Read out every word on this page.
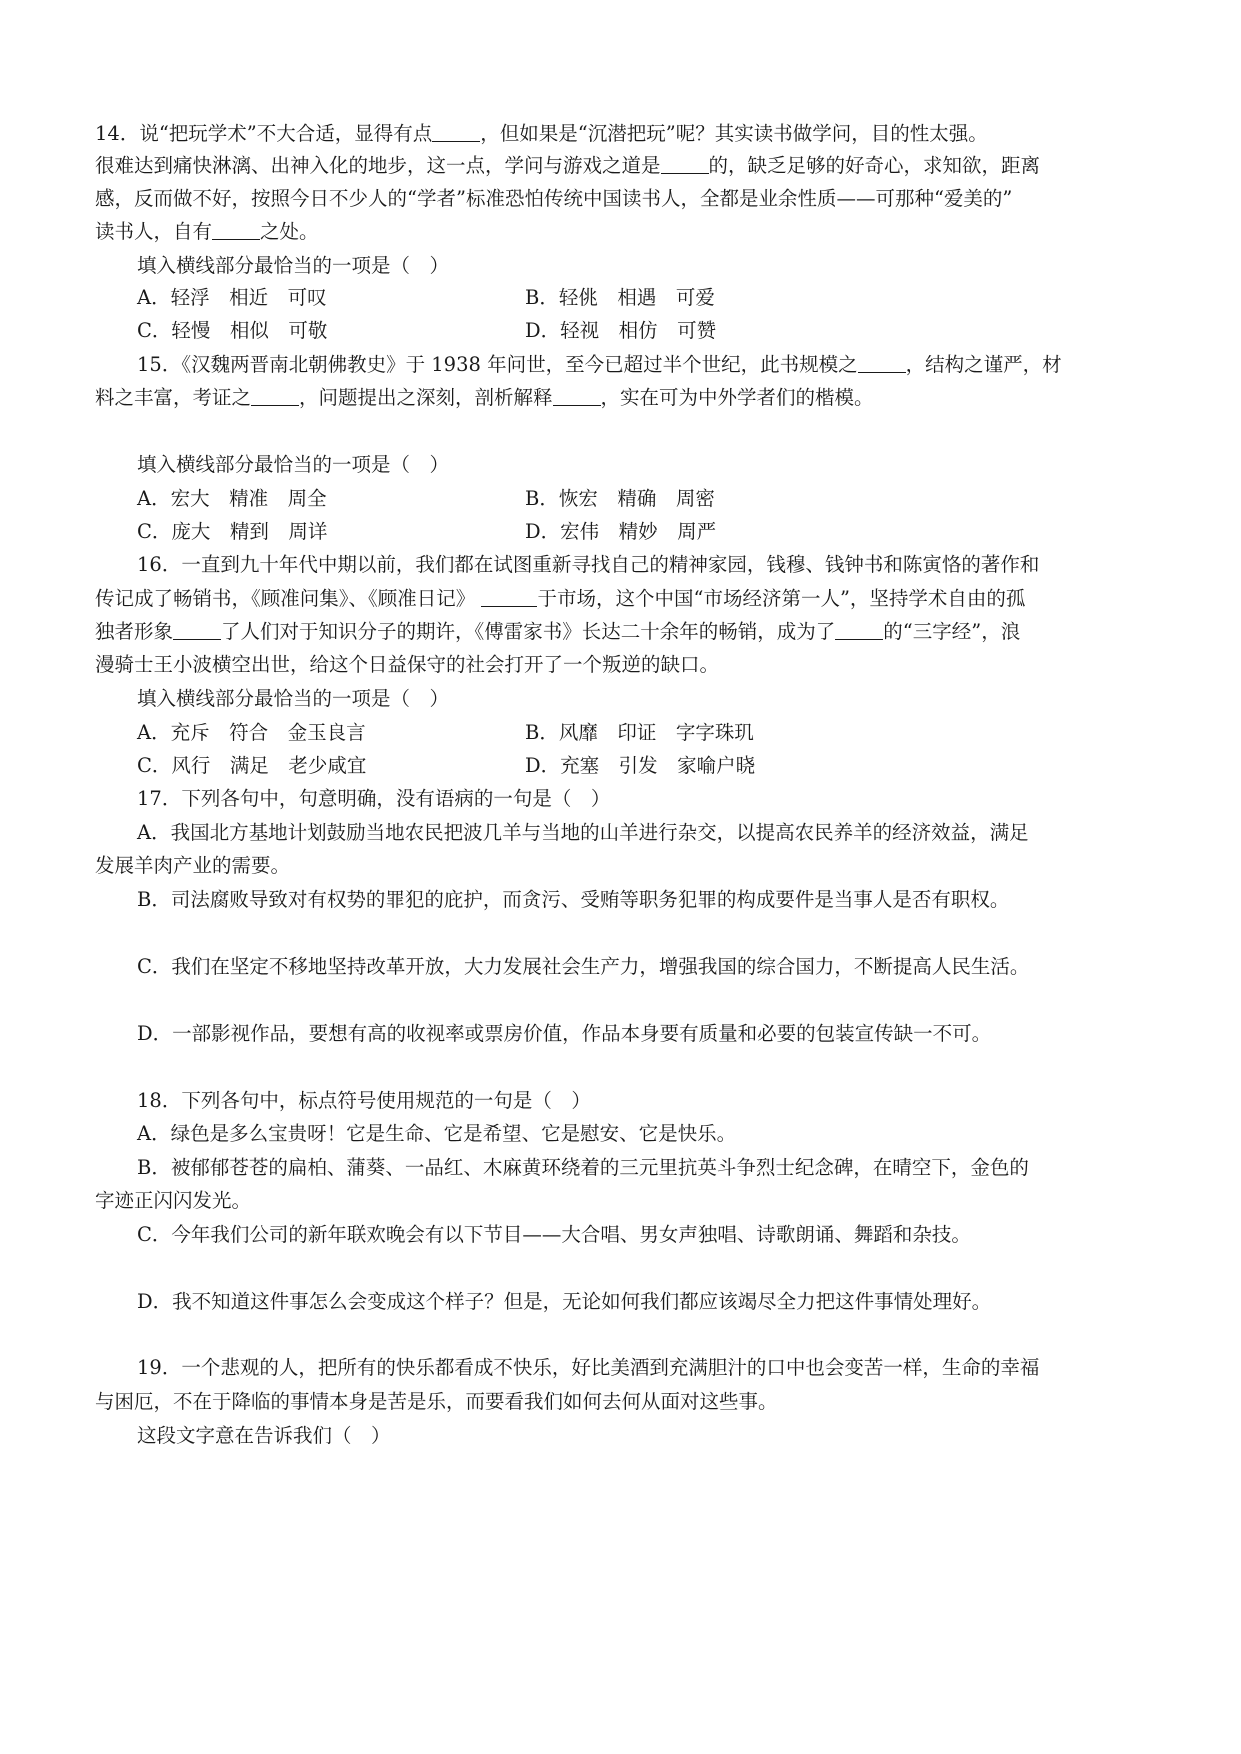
14．说“把玩学术”不大合适，显得有点 ，但如果是“沉潜把玩”呢？其实读书做学问，目的性太强。
很难达到痛快淋漓、出神入化的地步，这一点，学问与游戏之道是 的，缺乏足够的好奇心，求知欲，距离
感，反而做不好，按照今日不少人的“学者”标准恐怕传统中国读书人，全都是业余性质——可那种“爱美的”
读书人，自有 之处。
填入横线部分最恰当的一项是（　）
A．轻浮　相近　可叹	B．轻佻　相遇　可爱
C．轻慢　相似　可敬	D．轻视　相仿　可赞
15．《汉魏两晋南北朝佛教史》于 1938 年问世，至今已超过半个世纪，此书规模之 ，结构之谨严，材
料之丰富，考证之 ，问题提出之深刻，剖析解释 ，实在可为中外学者们的楷模。
填入横线部分最恰当的一项是（　）
A．宏大　精准　周全	B．恢宏　精确　周密
C．庞大　精到　周详	D．宏伟　精妙　周严
16．一直到九十年代中期以前，我们都在试图重新寻找自己的精神家园，钱穆、钱钟书和陈寅恪的著作和
传记成了畅销书，《顾准问集》、《顾准日记》	于市场，这个中国“市场经济第一人”，坚持学术自由的孤
独者形象 了人们对于知识分子的期许，《傅雷家书》长达二十余年的畅销，成为了 的“三字经”，浪
漫骑士王小波横空出世，给这个日益保守的社会打开了一个叛逆的缺口。
填入横线部分最恰当的一项是（　）
A．充斥　符合　金玉良言	B．风靡　印证　字字珠玑
C．风行　满足　老少咸宜	D．充塞　引发　家喻户晓
17．下列各句中，句意明确，没有语病的一句是（　）
A．我国北方基地计划鼓励当地农民把波几羊与当地的山羊进行杂交，以提高农民养羊的经济效益，满足
发展羊肉产业的需要。
B．司法腐败导致对有权势的罪犯的庇护，而贪污、受贿等职务犯罪的构成要件是当事人是否有职权。
C．我们在坚定不移地坚持改革开放，大力发展社会生产力，增强我国的综合国力，不断提高人民生活。
D．一部影视作品，要想有高的收视率或票房价值，作品本身要有质量和必要的包装宣传缺一不可。
18．下列各句中，标点符号使用规范的一句是（　）
A．绿色是多么宝贵呀！它是生命、它是希望、它是慰安、它是快乐。
B．被郁郁苍苍的扁柏、蒲葵、一品红、木麻黄环绕着的三元里抗英斗争烈士纪念碑，在晴空下，金色的
字迹正闪闪发光。
C．今年我们公司的新年联欢晚会有以下节目——大合唱、男女声独唱、诗歌朗诵、舞蹈和杂技。
D．我不知道这件事怎么会变成这个样子？但是，无论如何我们都应该竭尽全力把这件事情处理好。
19．一个悲观的人，把所有的快乐都看成不快乐，好比美酒到充满胆汁的口中也会变苦一样，生命的幸福
与困厄，不在于降临的事情本身是苦是乐，而要看我们如何去何从面对这些事。
这段文字意在告诉我们（　）
